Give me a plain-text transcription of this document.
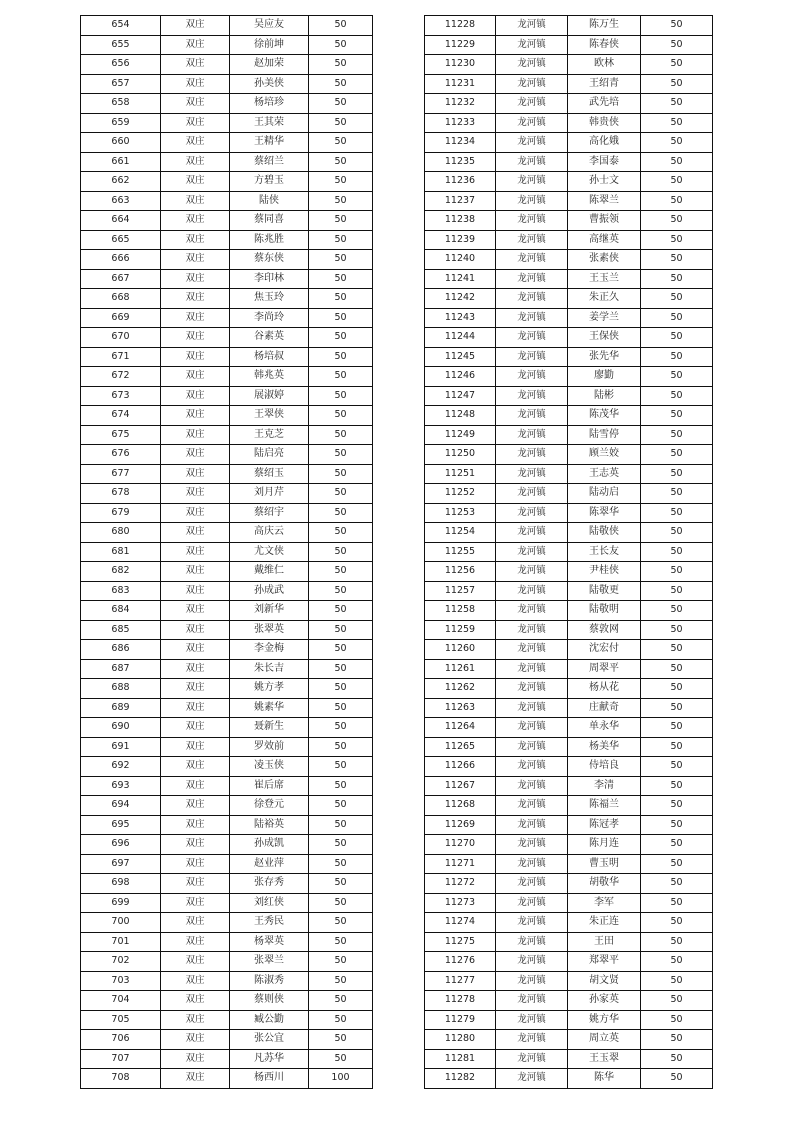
654	双庄	吴应友	50
655	双庄	徐前坤	50
656	双庄	赵加荣	50
657	双庄	孙美侠	50
658	双庄	杨培珍	50
659	双庄	王其荣	50
660	双庄	王精华	50
661	双庄	蔡绍兰	50
662	双庄	方碧玉	50
663	双庄	陆侠	50
664	双庄	蔡同喜	50
665	双庄	陈兆胜	50
666	双庄	蔡东侠	50
667	双庄	李印林	50
668	双庄	焦玉玲	50
669	双庄	李尚玲	50
670	双庄	谷素英	50
671	双庄	杨培叔	50
672	双庄	韩兆英	50
673	双庄	展淑婷	50
674	双庄	王翠侠	50
675	双庄	王克芝	50
676	双庄	陆启亮	50
677	双庄	蔡绍玉	50
678	双庄	刘月芹	50
679	双庄	蔡绍宇	50
680	双庄	高庆云	50
681	双庄	尤文侠	50
682	双庄	戴维仁	50
683	双庄	孙成武	50
684	双庄	刘新华	50
685	双庄	张翠英	50
686	双庄	李金梅	50
687	双庄	朱长吉	50
688	双庄	姚方孝	50
689	双庄	姚素华	50
690	双庄	聂新生	50
691	双庄	罗效前	50
692	双庄	凌玉侠	50
693	双庄	崔后席	50
694	双庄	徐登元	50
695	双庄	陆裕英	50
696	双庄	孙成凯	50
697	双庄	赵业萍	50
698	双庄	张存秀	50
699	双庄	刘红侠	50
700	双庄	王秀民	50
701	双庄	杨翠英	50
702	双庄	张翠兰	50
703	双庄	陈淑秀	50
704	双庄	蔡则侠	50
705	双庄	臧公勤	50
706	双庄	张公宜	50
707	双庄	凡苏华	50
708	双庄	杨西川	100
11228	龙河镇	陈万生	50
11229	龙河镇	陈春侠	50
11230	龙河镇	欧林	50
11231	龙河镇	王绍青	50
11232	龙河镇	武先培	50
11233	龙河镇	韩贵侠	50
11234	龙河镇	高化娥	50
11235	龙河镇	李国泰	50
11236	龙河镇	孙士文	50
11237	龙河镇	陈翠兰	50
11238	龙河镇	曹振领	50
11239	龙河镇	高继英	50
11240	龙河镇	张素侠	50
11241	龙河镇	王玉兰	50
11242	龙河镇	朱正久	50
11243	龙河镇	姜学兰	50
11244	龙河镇	王保侠	50
11245	龙河镇	张先华	50
11246	龙河镇	廖勤	50
11247	龙河镇	陆彬	50
11248	龙河镇	陈茂华	50
11249	龙河镇	陆雪停	50
11250	龙河镇	顾兰姣	50
11251	龙河镇	王志英	50
11252	龙河镇	陆动启	50
11253	龙河镇	陈翠华	50
11254	龙河镇	陆敬侠	50
11255	龙河镇	王长友	50
11256	龙河镇	尹桂侠	50
11257	龙河镇	陆敬更	50
11258	龙河镇	陆敬明	50
11259	龙河镇	蔡敦网	50
11260	龙河镇	沈宏付	50
11261	龙河镇	周翠平	50
11262	龙河镇	杨从花	50
11263	龙河镇	庄献奇	50
11264	龙河镇	单永华	50
11265	龙河镇	杨美华	50
11266	龙河镇	侍培良	50
11267	龙河镇	李清	50
11268	龙河镇	陈福兰	50
11269	龙河镇	陈冠孝	50
11270	龙河镇	陈月连	50
11271	龙河镇	曹玉明	50
11272	龙河镇	胡敬华	50
11273	龙河镇	李军	50
11274	龙河镇	朱正连	50
11275	龙河镇	王田	50
11276	龙河镇	郑翠平	50
11277	龙河镇	胡文贤	50
11278	龙河镇	孙家英	50
11279	龙河镇	姚方华	50
11280	龙河镇	周立英	50
11281	龙河镇	王玉翠	50
11282	龙河镇	陈华	50
